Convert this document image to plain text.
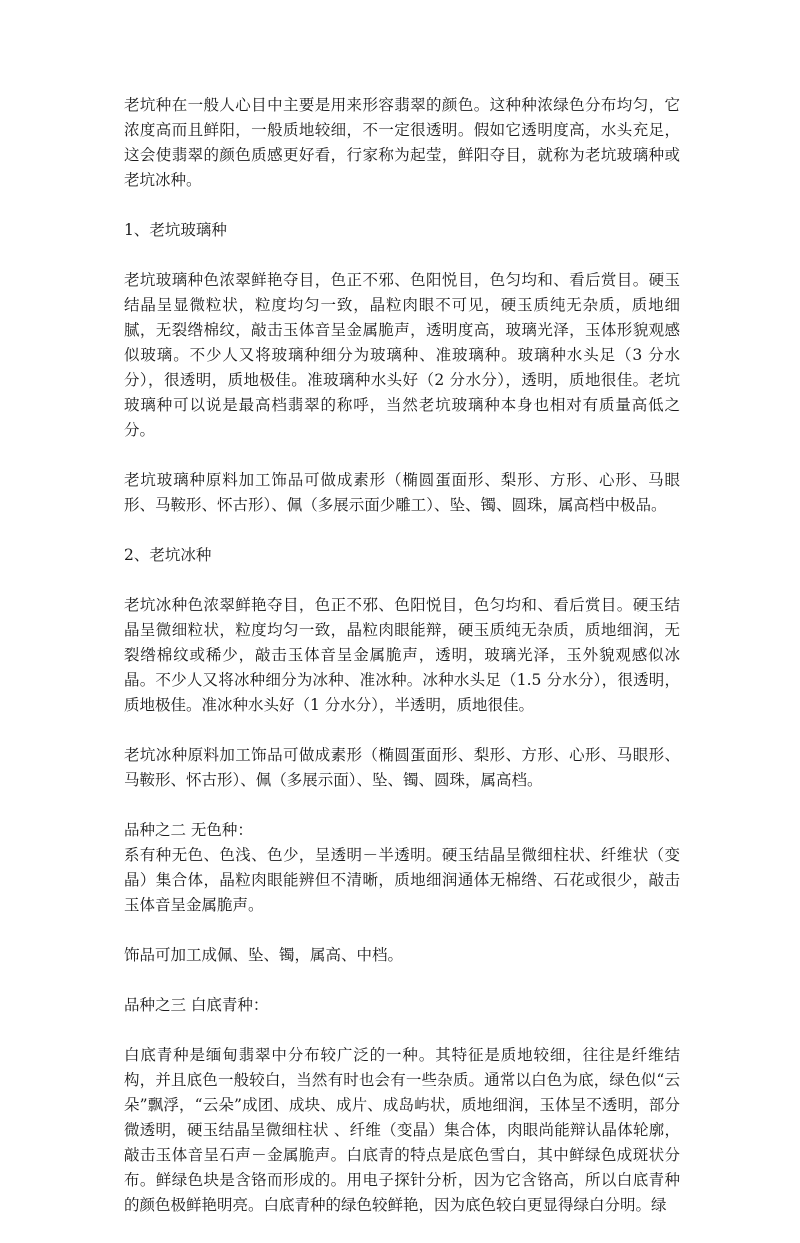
老坑种在一般人心目中主要是用来形容翡翠的颜色。这种种浓绿色分布均匀，它浓度高而且鲜阳，一般质地较细，不一定很透明。假如它透明度高，水头充足，这会使翡翠的颜色质感更好看，行家称为起莹，鲜阳夺目，就称为老坑玻璃种或老坑冰种。

1、老坑玻璃种

老坑玻璃种色浓翠鲜艳夺目，色正不邪、色阳悦目，色匀均和、看后赏目。硬玉结晶呈显微粒状，粒度均匀一致，晶粒肉眼不可见，硬玉质纯无杂质，质地细腻，无裂绺棉纹，敲击玉体音呈金属脆声，透明度高，玻璃光泽，玉体形貌观感似玻璃。不少人又将玻璃种细分为玻璃种、准玻璃种。玻璃种水头足（3 分水分），很透明，质地极佳。准玻璃种水头好（2 分水分），透明，质地很佳。老坑玻璃种可以说是最高档翡翠的称呼，当然老坑玻璃种本身也相对有质量高低之分。

老坑玻璃种原料加工饰品可做成素形（椭圆蛋面形、梨形、方形、心形、马眼形、马鞍形、怀古形）、佩（多展示面少雕工）、坠、镯、圆珠，属高档中极品。

2、老坑冰种

老坑冰种色浓翠鲜艳夺目，色正不邪、色阳悦目，色匀均和、看后赏目。硬玉结晶呈微细粒状，粒度均匀一致，晶粒肉眼能辩，硬玉质纯无杂质，质地细润，无裂绺棉纹或稀少，敲击玉体音呈金属脆声，透明，玻璃光泽，玉外貌观感似冰晶。不少人又将冰种细分为冰种、准冰种。冰种水头足（1.5 分水分），很透明，质地极佳。准冰种水头好（1 分水分），半透明，质地很佳。

老坑冰种原料加工饰品可做成素形（椭圆蛋面形、梨形、方形、心形、马眼形、马鞍形、怀古形）、佩（多展示面）、坠、镯、圆珠，属高档。

品种之二 无色种：

系有种无色、色浅、色少，呈透明－半透明。硬玉结晶呈微细柱状、纤维状（变晶）集合体，晶粒肉眼能辨但不清晰，质地细润通体无棉绺、石花或很少，敲击玉体音呈金属脆声。

饰品可加工成佩、坠、镯，属高、中档。

品种之三 白底青种：

白底青种是缅甸翡翠中分布较广泛的一种。其特征是质地较细，往往是纤维结构，并且底色一般较白，当然有时也会有一些杂质。通常以白色为底，绿色似“云朵”飘浮，“云朵”成团、成块、成片、成岛屿状，质地细润，玉体呈不透明，部分微透明，硬玉结晶呈微细柱状 、纤维（变晶）集合体，肉眼尚能辩认晶体轮廓，敲击玉体音呈石声－金属脆声。白底青的特点是底色雪白，其中鲜绿色成斑状分布。鲜绿色块是含铬而形成的。用电子探针分析，因为它含铬高，所以白底青种的颜色极鲜艳明亮。白底青种的绿色较鲜艳，因为底色较白更显得绿白分明。绿
